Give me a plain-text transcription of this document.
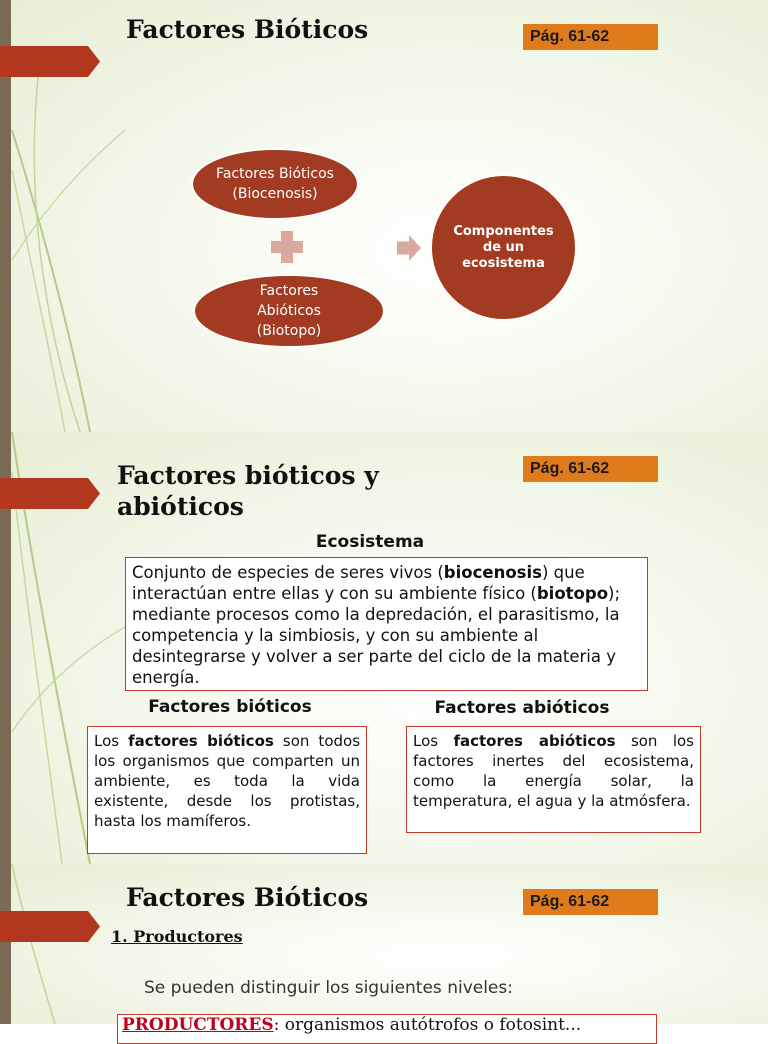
Factores Bióticos	Pág. 61-62
Factores Bióticos
(Biocenosis)
Factores
Abióticos
(Biotopo)
Componentes
de un
ecosistema
Factores bióticos y
abióticos
Pág. 61-62
Ecosistema
Conjunto de especies de seres vivos (biocenosis) que interactúan entre ellas y con su ambiente físico (biotopo); mediante procesos como la depredación, el parasitismo, la competencia y la simbiosis, y con su ambiente al desintegrarse y volver a ser parte del ciclo de la materia y energía.
Factores bióticos
Los factores bióticos son todos los organismos que comparten un ambiente, es toda la vida existente, desde los protistas, hasta los mamíferos.
Factores abióticos
Los factores abióticos son los factores inertes del ecosistema, como la energía solar, la temperatura, el agua y la atmósfera.
Factores Bióticos	Pág. 61-62
1. Productores
Se pueden distinguir los siguientes niveles:
PRODUCTORES: organismos autótrofos o fotosint...
